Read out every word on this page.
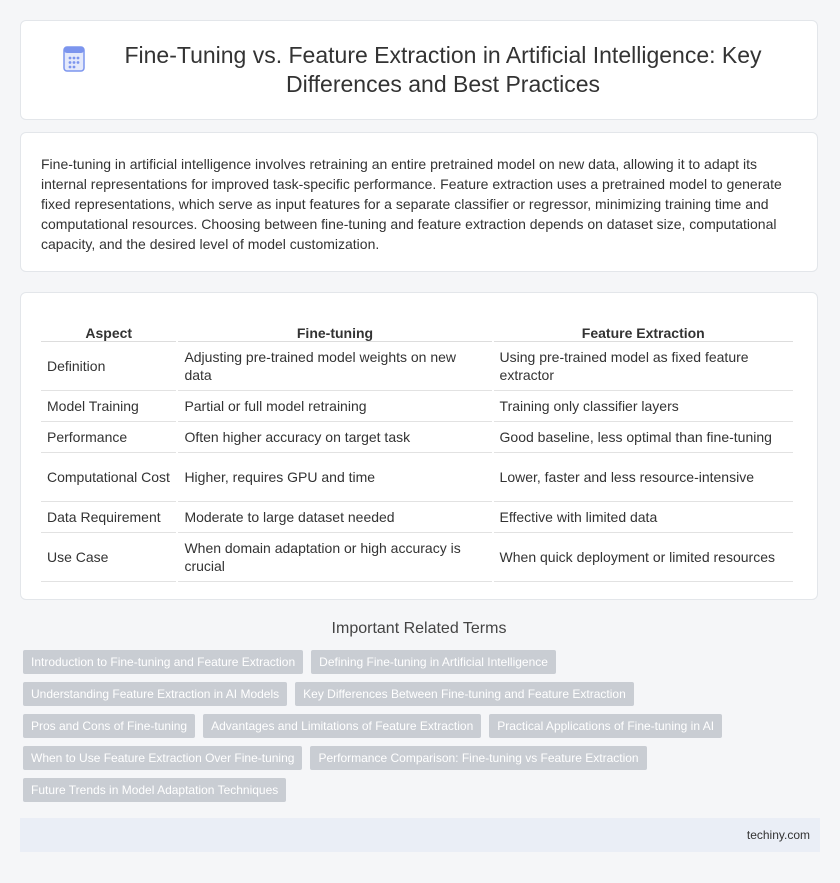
Fine-Tuning vs. Feature Extraction in Artificial Intelligence: Key Differences and Best Practices

Fine-tuning in artificial intelligence involves retraining an entire pretrained model on new data, allowing it to adapt its internal representations for improved task-specific performance. Feature extraction uses a pretrained model to generate fixed representations, which serve as input features for a separate classifier or regressor, minimizing training time and computational resources. Choosing between fine-tuning and feature extraction depends on dataset size, computational capacity, and the desired level of model customization.

Aspect	Fine-tuning	Feature Extraction
Definition	Adjusting pre-trained model weights on new data	Using pre-trained model as fixed feature extractor
Model Training	Partial or full model retraining	Training only classifier layers
Performance	Often higher accuracy on target task	Good baseline, less optimal than fine-tuning
Computational Cost	Higher, requires GPU and time	Lower, faster and less resource-intensive
Data Requirement	Moderate to large dataset needed	Effective with limited data
Use Case	When domain adaptation or high accuracy is crucial	When quick deployment or limited resources
Important Related Terms
Introduction to Fine-tuning and Feature Extraction	Defining Fine-tuning in Artificial Intelligence
Understanding Feature Extraction in AI Models	Key Differences Between Fine-tuning and Feature Extraction
Pros and Cons of Fine-tuning	Advantages and Limitations of Feature Extraction	Practical Applications of Fine-tuning in AI
When to Use Feature Extraction Over Fine-tuning	Performance Comparison: Fine-tuning vs Feature Extraction
Future Trends in Model Adaptation Techniques
techiny.com
